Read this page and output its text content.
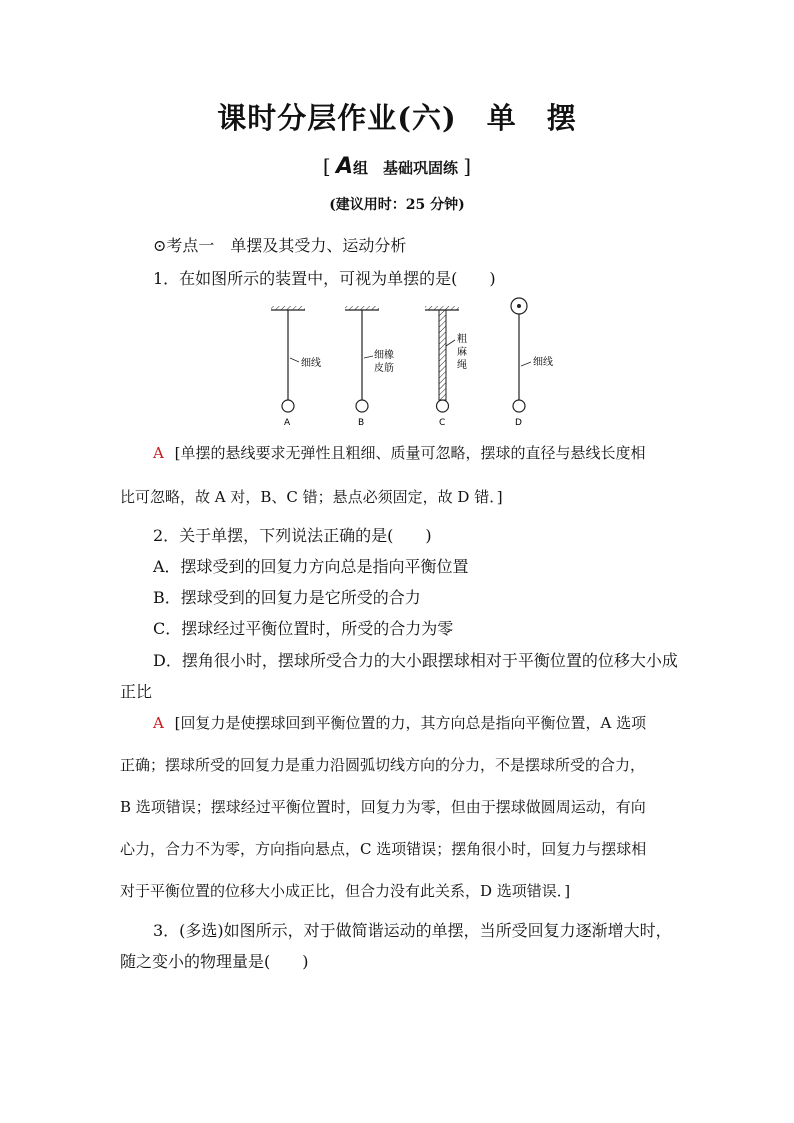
课时分层作业(六)　单　摆
[ A组　基础巩固练 ]
(建议用时：25 分钟)
⊙考点一　单摆及其受力、运动分析
1．在如图所示的装置中，可视为单摆的是(　　)
细线
A
细橡
皮筋
B
粗
麻
绳
C
细线
D
A [单摆的悬线要求无弹性且粗细、质量可忽略，摆球的直径与悬线长度相
比可忽略，故 A 对，B、C 错；悬点必须固定，故 D 错．]
2．关于单摆，下列说法正确的是(　　)
A．摆球受到的回复力方向总是指向平衡位置
B．摆球受到的回复力是它所受的合力
C．摆球经过平衡位置时，所受的合力为零
D．摆角很小时，摆球所受合力的大小跟摆球相对于平衡位置的位移大小成
正比
A [回复力是使摆球回到平衡位置的力，其方向总是指向平衡位置，A 选项
正确；摆球所受的回复力是重力沿圆弧切线方向的分力，不是摆球所受的合力，
B 选项错误；摆球经过平衡位置时，回复力为零，但由于摆球做圆周运动，有向
心力，合力不为零，方向指向悬点，C 选项错误；摆角很小时，回复力与摆球相
对于平衡位置的位移大小成正比，但合力没有此关系，D 选项错误．]
3．(多选)如图所示，对于做简谐运动的单摆，当所受回复力逐渐增大时，
随之变小的物理量是(　　)
